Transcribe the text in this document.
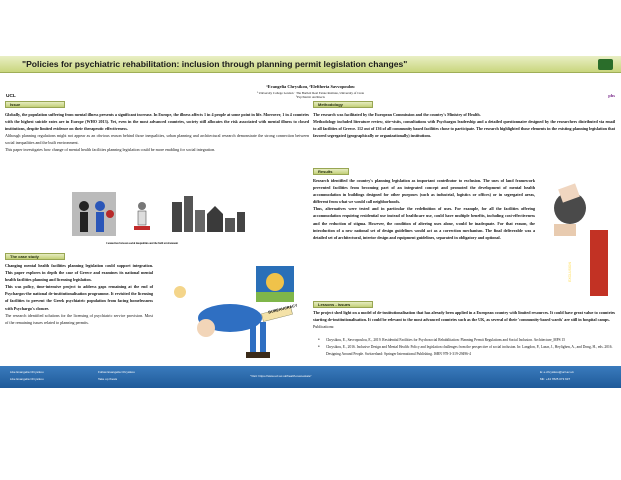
"Policies for psychiatric rehabilitation: inclusion through planning permit legislation changes"
¹Evangelia Chrysikou, ²Eleftheria Savvopoulou
¹ University College London · The Bartlett Real Estate Institute, University of Crete
²Psychiatric Architects
UCL	phs
Issue

Globally, the population suffering from mental illness presents a significant increase. In Europe, the illness affects 1 in 4 people at some point in life. Moreover, 1 in 4 countries with the highest suicide rates are in Europe (WHO 2013). Yet, even in the most advanced countries, society still allocates the risk associated with mental illness to closed institutions, despite limited evidence on their therapeutic effectiveness.

Although planning regulations might not appear as an obvious reason behind those inequalities, urban planning and architectural research demonstrate the strong connection between social inequalities and the built environment.

This paper investigates how change of mental health facilities planning legislation could be more enabling for social integration.

Connection between social inequalities and the built environment
The case study

Changing mental health facilities planning legislation could support integration. This paper explores in depth the case of Greece and examines its national mental health facilities planning and licensing legislation.

This was policy, time-intensive project to address gaps remaining at the end of Psychargos-the national de-institutionalisation programme. It revisited the licensing of facilities to prevent the Greek psychiatric population from facing homelessness with Psychargo's closure.

The research identified solutions for the licensing of psychiatric service provision. Most of the remaining issues related to planning permits.

BUREAUCRACY
Methodology

The research was facilitated by the European Commission and the country's Ministry of Health.

Methodology included literature review, site-visits, consultations with Psychargos leadership and a detailed questionnaire designed by the researchers distributed via email to all facilities of Greece. 112 out of 136 of all community based facilities chose to participate. The research highlighted those elements in the existing planning legislation that favored segregated (geographically or organizationally) institutions.

Results

Research identified the country's planning legislation as important contributor to exclusion. The uses of land framework prevented facilities from becoming part of an integrated concept and promoted the development of mental health accommodation in buildings designed for other purposes (such as industrial, logistics or offices) or in segregated areas, different from what we would call neighborhoods.

Thus, alternatives were tested and in particular the redefinition of uses. For example, for all the facilities offering accommodation requiring residential use instead of healthcare use, could have multiple benefits, including cost-effectiveness and the reduction of stigma. However, the condition of altering uses alone, would be inadequate. For that reason, the introduction of a new national set of design guidelines would act as a correction mechanism. The final deliverable was a detailed set of architectural, interior design and equipment guidelines, separated in obligatory and optional.

EXCLUSION
Lessons - issues

The project shed light on a model of de-institutionalisation that has already been applied in a European country with limited resources. It could have great value to countries starting de-institutionalisation. It could be relevant to the most advanced countries such as the UK, as several of their 'community-based wards' are still in hospital camps.

Publications:

• Chrysikou, E., Savvopoulou, E., 2019. Residential Facilities for Psychosocial Rehabilitation: Planning Permit Regulations and Social Inclusion. Architecture_MPS 15
• Chrysikou, E., 2016. Inclusive Design and Mental Health: Policy and legislation challenges from the perspective of social inclusion. In: Langdon, P., Lazar, J., Heylighen, A., and Dong, H., eds. 2016. Designing Around People. Switzerland: Springer International Publishing. ISBN 978-3-319-29496-4
Like Evangelia Chrysikou
Like Evangelia Chrysikou
Follow Evangelia Chrysikou
Take up thesis
"Visit: https://www.ucl.ac.uk/health-real-estate"
E: e.chrysikou@ucl.ac.uk
Mb: +44 7825 073 637
